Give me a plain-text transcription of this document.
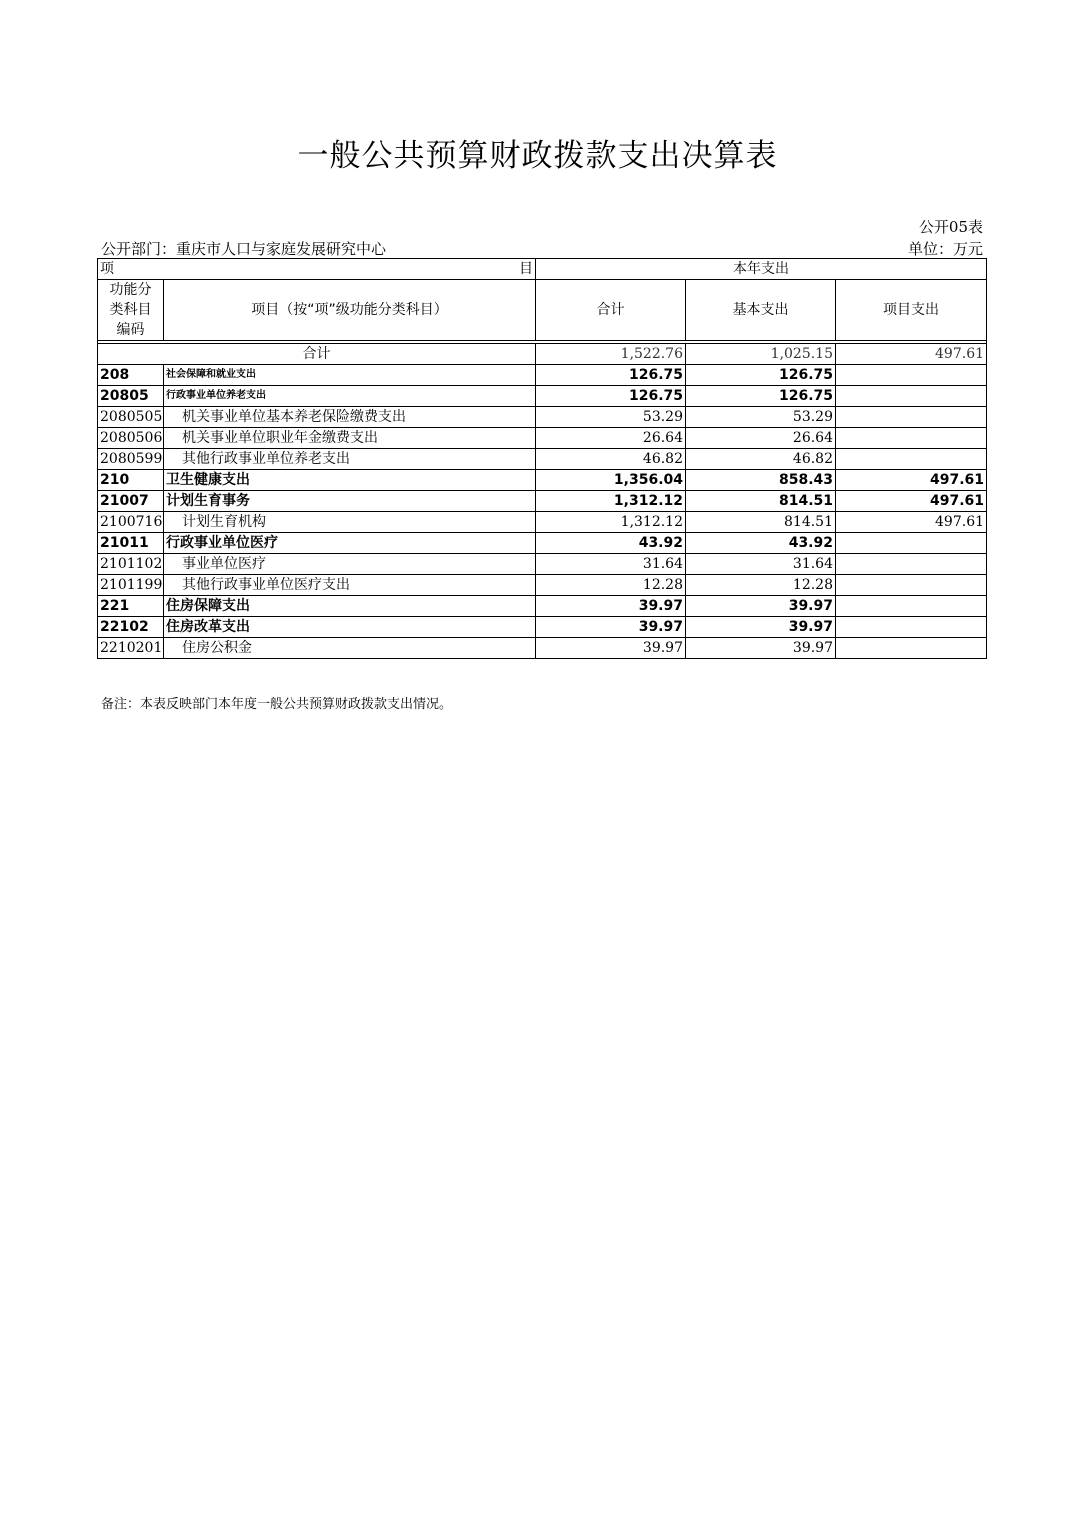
一般公共预算财政拨款支出决算表
公开05表
公开部门：重庆市人口与家庭发展研究中心	单位：万元
项 目		本年支出		

功能分
类科目
编码	项目（按“项”级功能分类科目）	合计	基本支出	项目支出

合计		1,522.76	1,025.15	497.61
208	社会保障和就业支出	126.75	126.75	
20805	行政事业单位养老支出	126.75	126.75	
2080505	机关事业单位基本养老保险缴费支出	53.29	53.29	
2080506	机关事业单位职业年金缴费支出	26.64	26.64	
2080599	其他行政事业单位养老支出	46.82	46.82	
210	卫生健康支出	1,356.04	858.43	497.61
21007	计划生育事务	1,312.12	814.51	497.61
2100716	计划生育机构	1,312.12	814.51	497.61
21011	行政事业单位医疗	43.92	43.92	
2101102	事业单位医疗	31.64	31.64	
2101199	其他行政事业单位医疗支出	12.28	12.28	
221	住房保障支出	39.97	39.97	
22102	住房改革支出	39.97	39.97	
2210201	住房公积金	39.97	39.97	
备注：本表反映部门本年度一般公共预算财政拨款支出情况。
